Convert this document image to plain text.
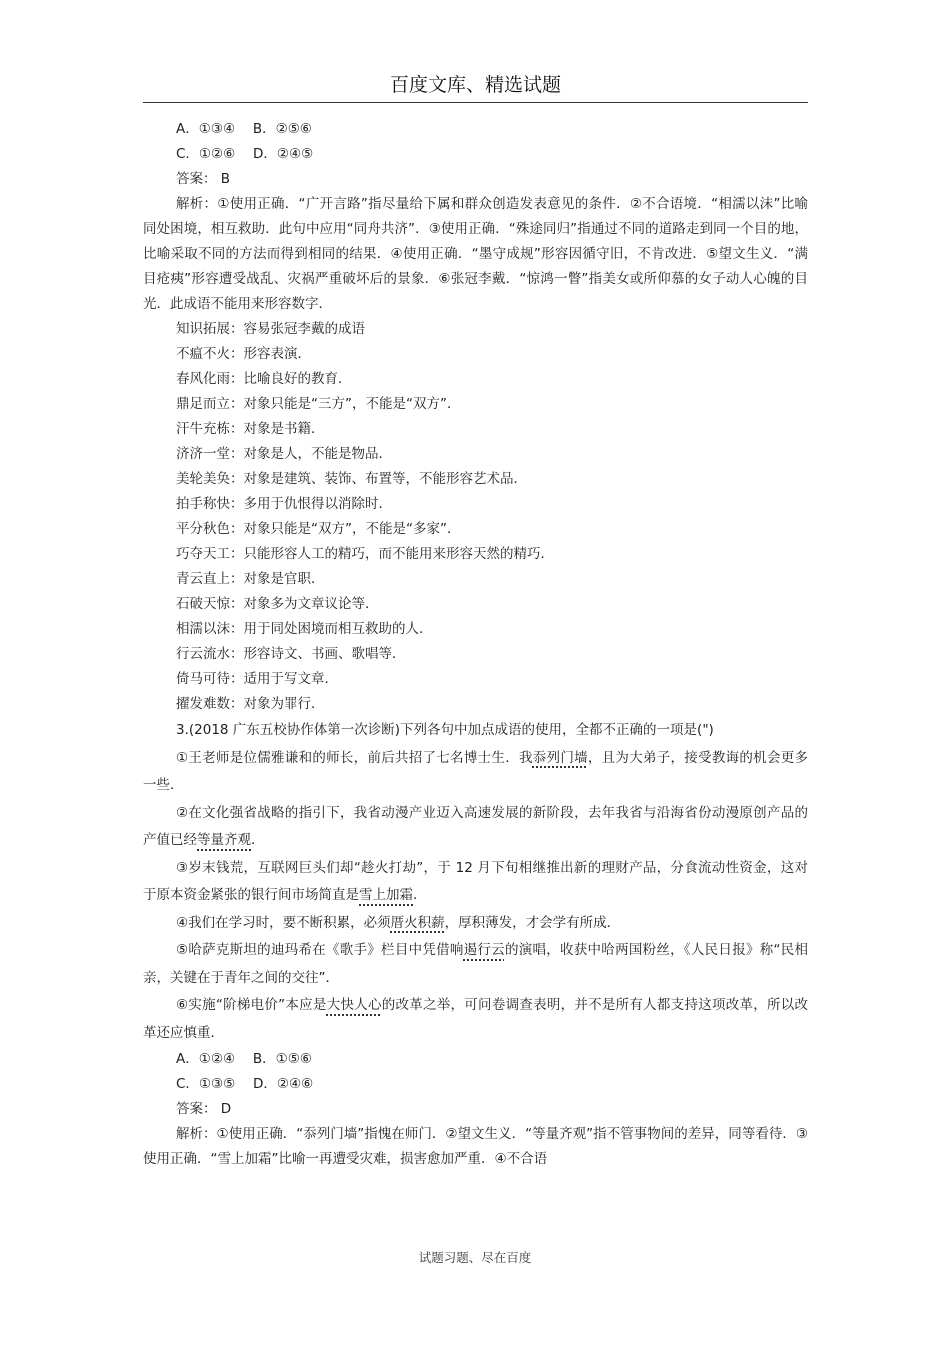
百度文库、精选试题

A．①③④　 B．②⑤⑥

C．①②⑥　 D．②④⑤

答案： B

解析：①使用正确．“广开言路”指尽量给下属和群众创造发表意见的条件．②不合语境．“相濡以沫”比喻同处困境，相互救助．此句中应用“同舟共济”．③使用正确．“殊途同归”指通过不同的道路走到同一个目的地，比喻采取不同的方法而得到相同的结果．④使用正确．“墨守成规”形容因循守旧，不肯改进．⑤望文生义．“满目疮痍”形容遭受战乱、灾祸严重破坏后的景象．⑥张冠李戴．“惊鸿一瞥”指美女或所仰慕的女子动人心魄的目光．此成语不能用来形容数字．

知识拓展：容易张冠李戴的成语

不瘟不火：形容表演．

春风化雨：比喻良好的教育．

鼎足而立：对象只能是“三方”，不能是“双方”．

汗牛充栋：对象是书籍．

济济一堂：对象是人，不能是物品．

美轮美奂：对象是建筑、装饰、布置等，不能形容艺术品．

拍手称快：多用于仇恨得以消除时．

平分秋色：对象只能是“双方”，不能是“多家”．

巧夺天工：只能形容人工的精巧，而不能用来形容天然的精巧．

青云直上：对象是官职．

石破天惊：对象多为文章议论等．

相濡以沫：用于同处困境而相互救助的人．

行云流水：形容诗文、书画、歌唱等．

倚马可待：适用于写文章．

擢发难数：对象为罪行．

3.(2018 广东五校协作体第一次诊断)下列各句中加点成语的使用，全都不正确的一项是(")

①王老师是位儒雅谦和的师长，前后共招了七名博士生．我忝列门墙，且为大弟子，接受教诲的机会更多一些．

②在文化强省战略的指引下，我省动漫产业迈入高速发展的新阶段，去年我省与沿海省份动漫原创产品的产值已经等量齐观．

③岁末钱荒，互联网巨头们却“趁火打劫”，于 12 月下旬相继推出新的理财产品，分食流动性资金，这对于原本资金紧张的银行间市场简直是雪上加霜．

④我们在学习时，要不断积累，必须厝火积薪，厚积薄发，才会学有所成．

⑤哈萨克斯坦的迪玛希在《歌手》栏目中凭借响遏行云的演唱，收获中哈两国粉丝，《人民日报》称“民相亲，关键在于青年之间的交往”．

⑥实施“阶梯电价”本应是大快人心的改革之举，可问卷调查表明，并不是所有人都支持这项改革，所以改革还应慎重．

A．①②④　 B．①⑤⑥

C．①③⑤　 D．②④⑥

答案： D

解析：①使用正确．“忝列门墙”指愧在师门．②望文生义．“等量齐观”指不管事物间的差异，同等看待．③使用正确．“雪上加霜”比喻一再遭受灾难，损害愈加严重．④不合语

试题习题、尽在百度
